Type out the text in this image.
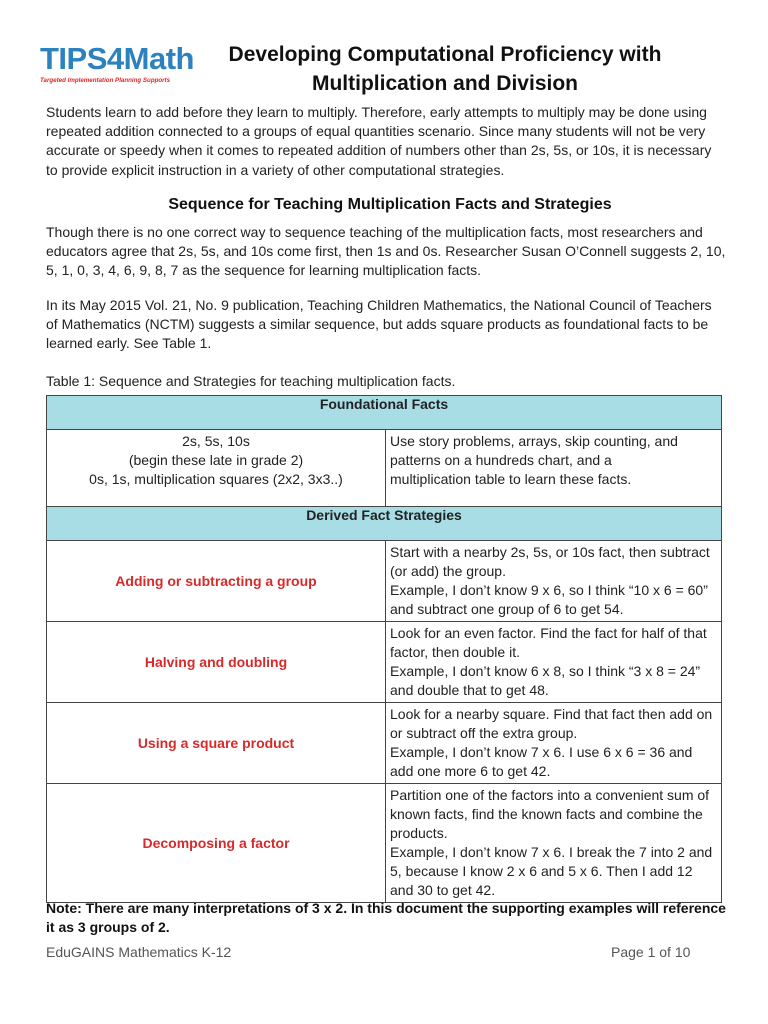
TIPS4Math
Targeted Implementation Planning Supports
Developing Computational Proficiency with Multiplication and Division

Students learn to add before they learn to multiply. Therefore, early attempts to multiply may be done using repeated addition connected to a groups of equal quantities scenario. Since many students will not be very accurate or speedy when it comes to repeated addition of numbers other than 2s, 5s, or 10s, it is necessary to provide explicit instruction in a variety of other computational strategies.

Sequence for Teaching Multiplication Facts and Strategies

Though there is no one correct way to sequence teaching of the multiplication facts, most researchers and educators agree that 2s, 5s, and 10s come first, then 1s and 0s. Researcher Susan O’Connell suggests 2, 10, 5, 1, 0, 3, 4, 6, 9, 8, 7 as the sequence for learning multiplication facts.

In its May 2015 Vol. 21, No. 9 publication, Teaching Children Mathematics, the National Council of Teachers of Mathematics (NCTM) suggests a similar sequence, but adds square products as foundational facts to be learned early. See Table 1.

Table 1: Sequence and Strategies for teaching multiplication facts.
Foundational Facts	

2s, 5s, 10s
(begin these late in grade 2)
0s, 1s, multiplication squares (2x2, 3x3..)	Use story problems, arrays, skip counting, and patterns on a hundreds chart, and a multiplication table to learn these facts.

Derived Fact Strategies	

Adding or subtracting a group	Start with a nearby 2s, 5s, or 10s fact, then subtract (or add) the group.
Example, I don’t know 9 x 6, so I think “10 x 6 = 60” and subtract one group of 6 to get 54.

Halving and doubling	Look for an even factor. Find the fact for half of that factor, then double it.
Example, I don’t know 6 x 8, so I think “3 x 8 = 24” and double that to get 48.

Using a square product	Look for a nearby square. Find that fact then add on or subtract off the extra group.
Example, I don’t know 7 x 6. I use 6 x 6 = 36 and add one more 6 to get 42.

Decomposing a factor	Partition one of the factors into a convenient sum of known facts, find the known facts and combine the products.
Example, I don’t know 7 x 6. I break the 7 into 2 and 5, because I know 2 x 6 and 5 x 6. Then I add 12 and 30 to get 42.

Note: There are many interpretations of 3 x 2. In this document the supporting examples will reference it as 3 groups of 2.

EduGAINS Mathematics K-12	Page 1 of 10
